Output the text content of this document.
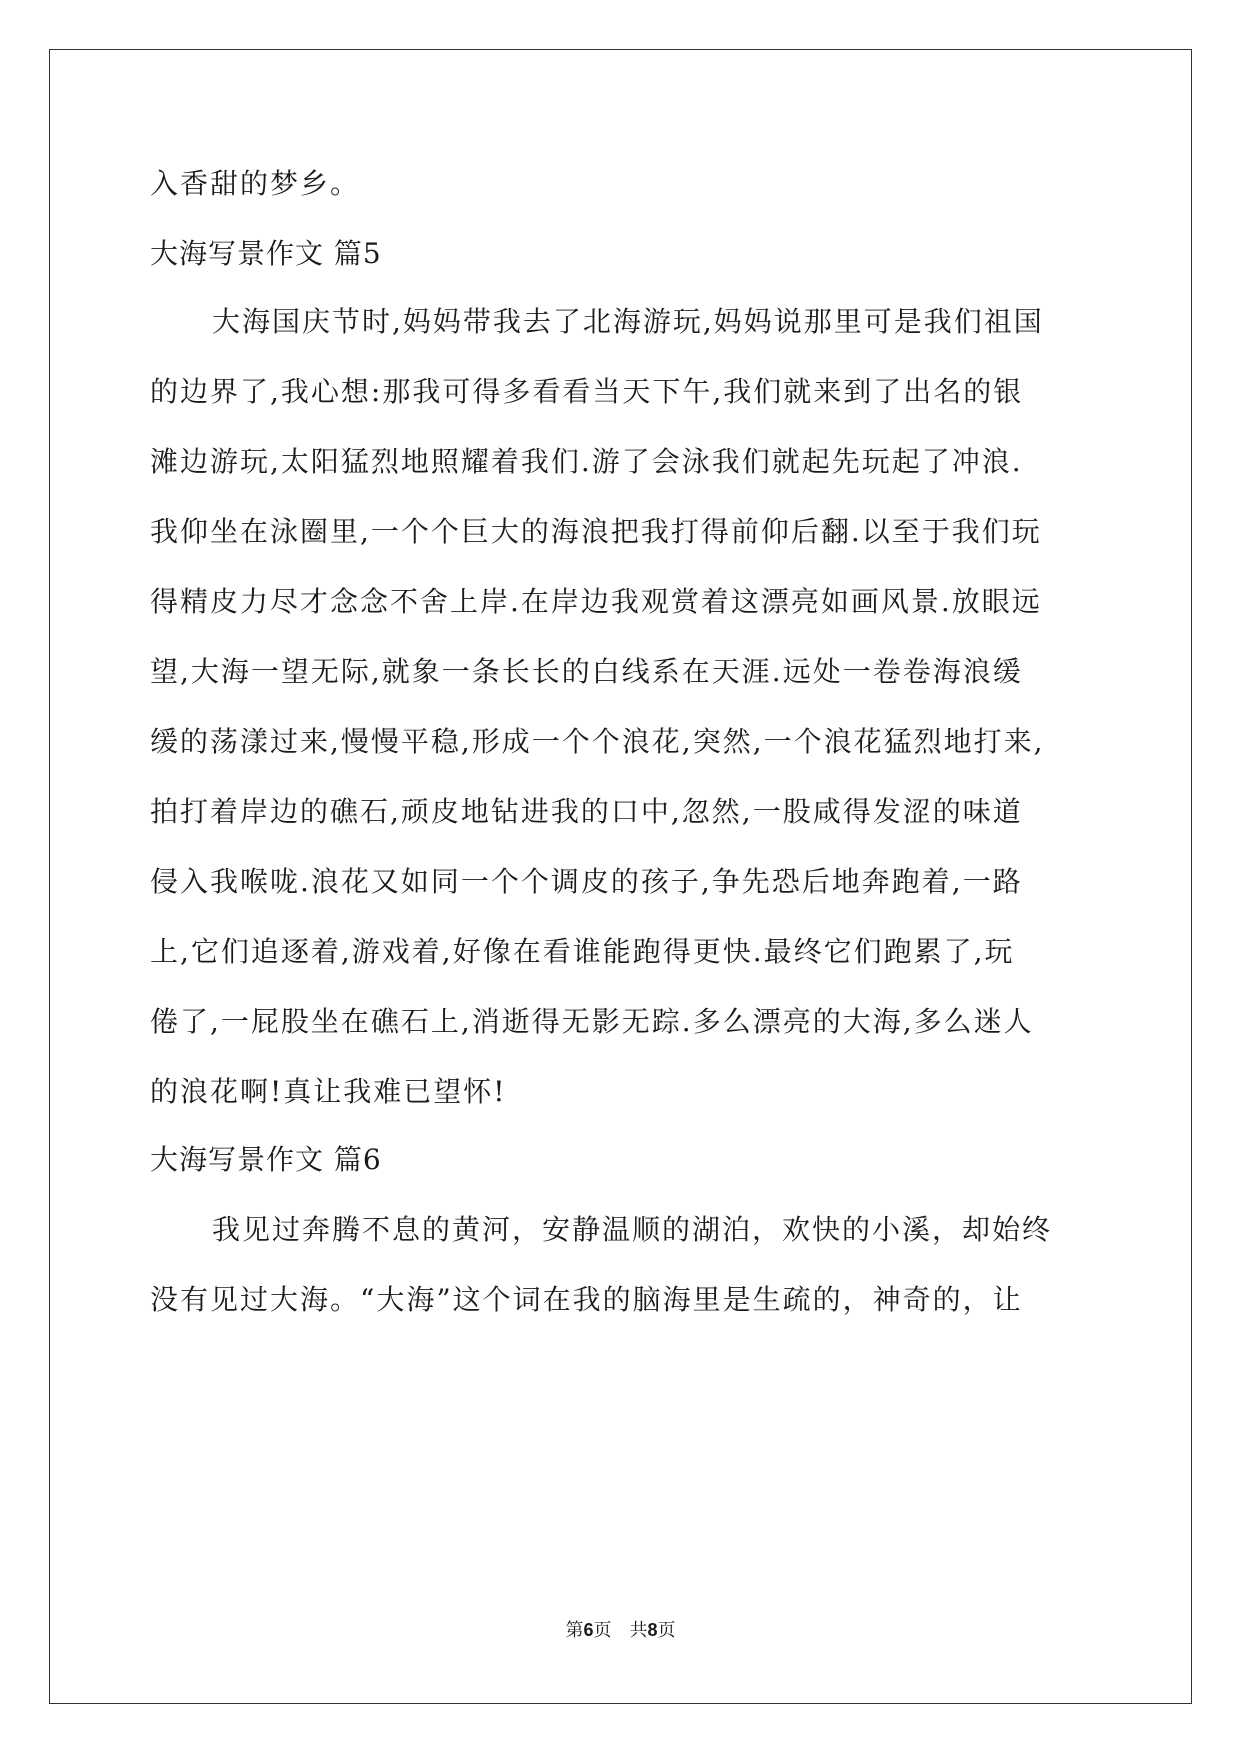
入香甜的梦乡。
大海写景作文 篇5
大海国庆节时,妈妈带我去了北海游玩,妈妈说那里可是我们祖国
的边界了,我心想:那我可得多看看当天下午,我们就来到了出名的银
滩边游玩,太阳猛烈地照耀着我们.游了会泳我们就起先玩起了冲浪.
我仰坐在泳圈里,一个个巨大的海浪把我打得前仰后翻.以至于我们玩
得精皮力尽才念念不舍上岸.在岸边我观赏着这漂亮如画风景.放眼远
望,大海一望无际,就象一条长长的白线系在天涯.远处一卷卷海浪缓
缓的荡漾过来,慢慢平稳,形成一个个浪花,突然,一个浪花猛烈地打来,
拍打着岸边的礁石,顽皮地钻进我的口中,忽然,一股咸得发涩的味道
侵入我喉咙.浪花又如同一个个调皮的孩子,争先恐后地奔跑着,一路
上,它们追逐着,游戏着,好像在看谁能跑得更快.最终它们跑累了,玩
倦了,一屁股坐在礁石上,消逝得无影无踪.多么漂亮的大海,多么迷人
的浪花啊!真让我难已望怀!
大海写景作文 篇6
我见过奔腾不息的黄河，安静温顺的湖泊，欢快的小溪，却始终
没有见过大海。“大海”这个词在我的脑海里是生疏的，神奇的，让
第6页　共8页
